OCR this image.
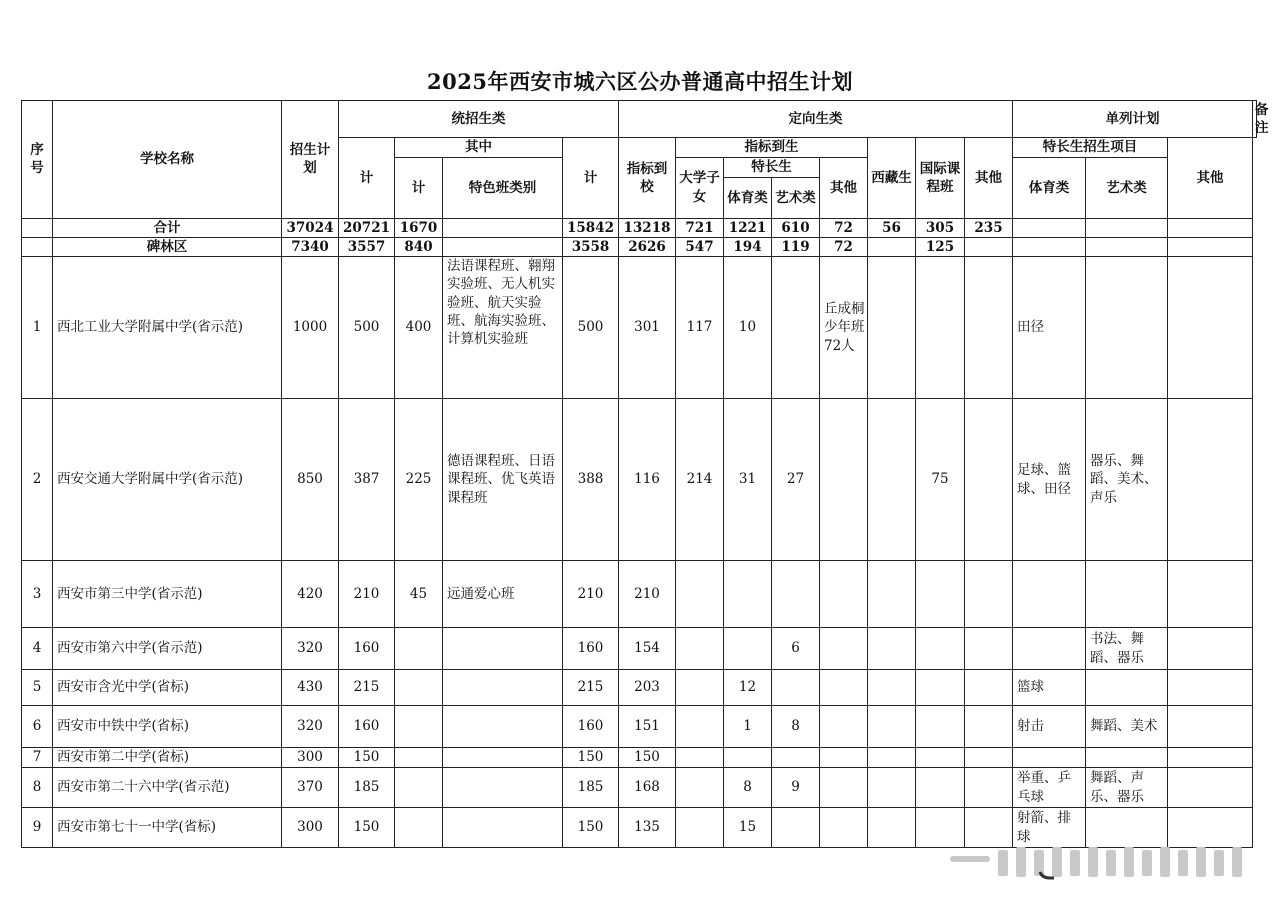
2025年西安市城六区公办普通高中招生计划
序号	学校名称	招生计划	统招生类				定向生类								单列计划			备注
			计	其中		计	指标到校	指标到生				西藏生	国际课程班	其他	特长生招生项目		其他	
				计	特色班类别			大学子女	特长生		其他				体育类	艺术类		
									体育类	艺术类								

	合计	37024	20721	1670		15842	13218	721	1221	610	72	56	305	235				
	碑林区	7340	3557	840		3558	2626	547	194	119	72		125					
1	西北工业大学附属中学(省示范)	1000	500	400	法语课程班、翱翔实验班、无人机实验班、航天实验班、航海实验班、计算机实验班	500	301	117	10		丘成桐少年班72人				田径			
2	西安交通大学附属中学(省示范)	850	387	225	德语课程班、日语课程班、优飞英语课程班	388	116	214	31	27			75		足球、篮球、田径	器乐、舞蹈、美术、声乐		
3	西安市第三中学(省示范)	420	210	45	远通爱心班	210	210											
4	西安市第六中学(省示范)	320	160			160	154			6						书法、舞蹈、器乐		
5	西安市含光中学(省标)	430	215			215	203		12						篮球			
6	西安市中铁中学(省标)	320	160			160	151		1	8					射击	舞蹈、美术		
7	西安市第二中学(省标)	300	150			150	150											
8	西安市第二十六中学(省示范)	370	185			185	168		8	9					举重、乒乓球	舞蹈、声乐、器乐		
9	西安市第七十一中学(省标)	300	150			150	135		15						射箭、排球			
